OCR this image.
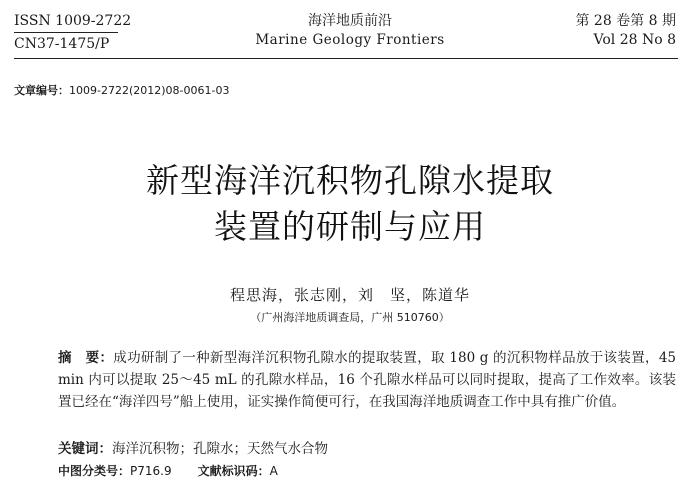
ISSN 1009-2722
CN37-1475/P
海洋地质前沿
Marine Geology Frontiers
第 28 卷第 8 期
Vol 28 No 8
文章编号：1009-2722(2012)08-0061-03
新型海洋沉积物孔隙水提取
装置的研制与应用
程思海，张志刚，刘　坚，陈道华
（广州海洋地质调查局，广州 510760）
摘　要：成功研制了一种新型海洋沉积物孔隙水的提取装置，取 180 g 的沉积物样品放于该装置，45 min 内可以提取 25～45 mL 的孔隙水样品，16 个孔隙水样品可以同时提取，提高了工作效率。该装置已经在“海洋四号”船上使用，证实操作简便可行，在我国海洋地质调查工作中具有推广价值。
关键词：海洋沉积物；孔隙水；天然气水合物
中图分类号：P716.9 文献标识码：A
